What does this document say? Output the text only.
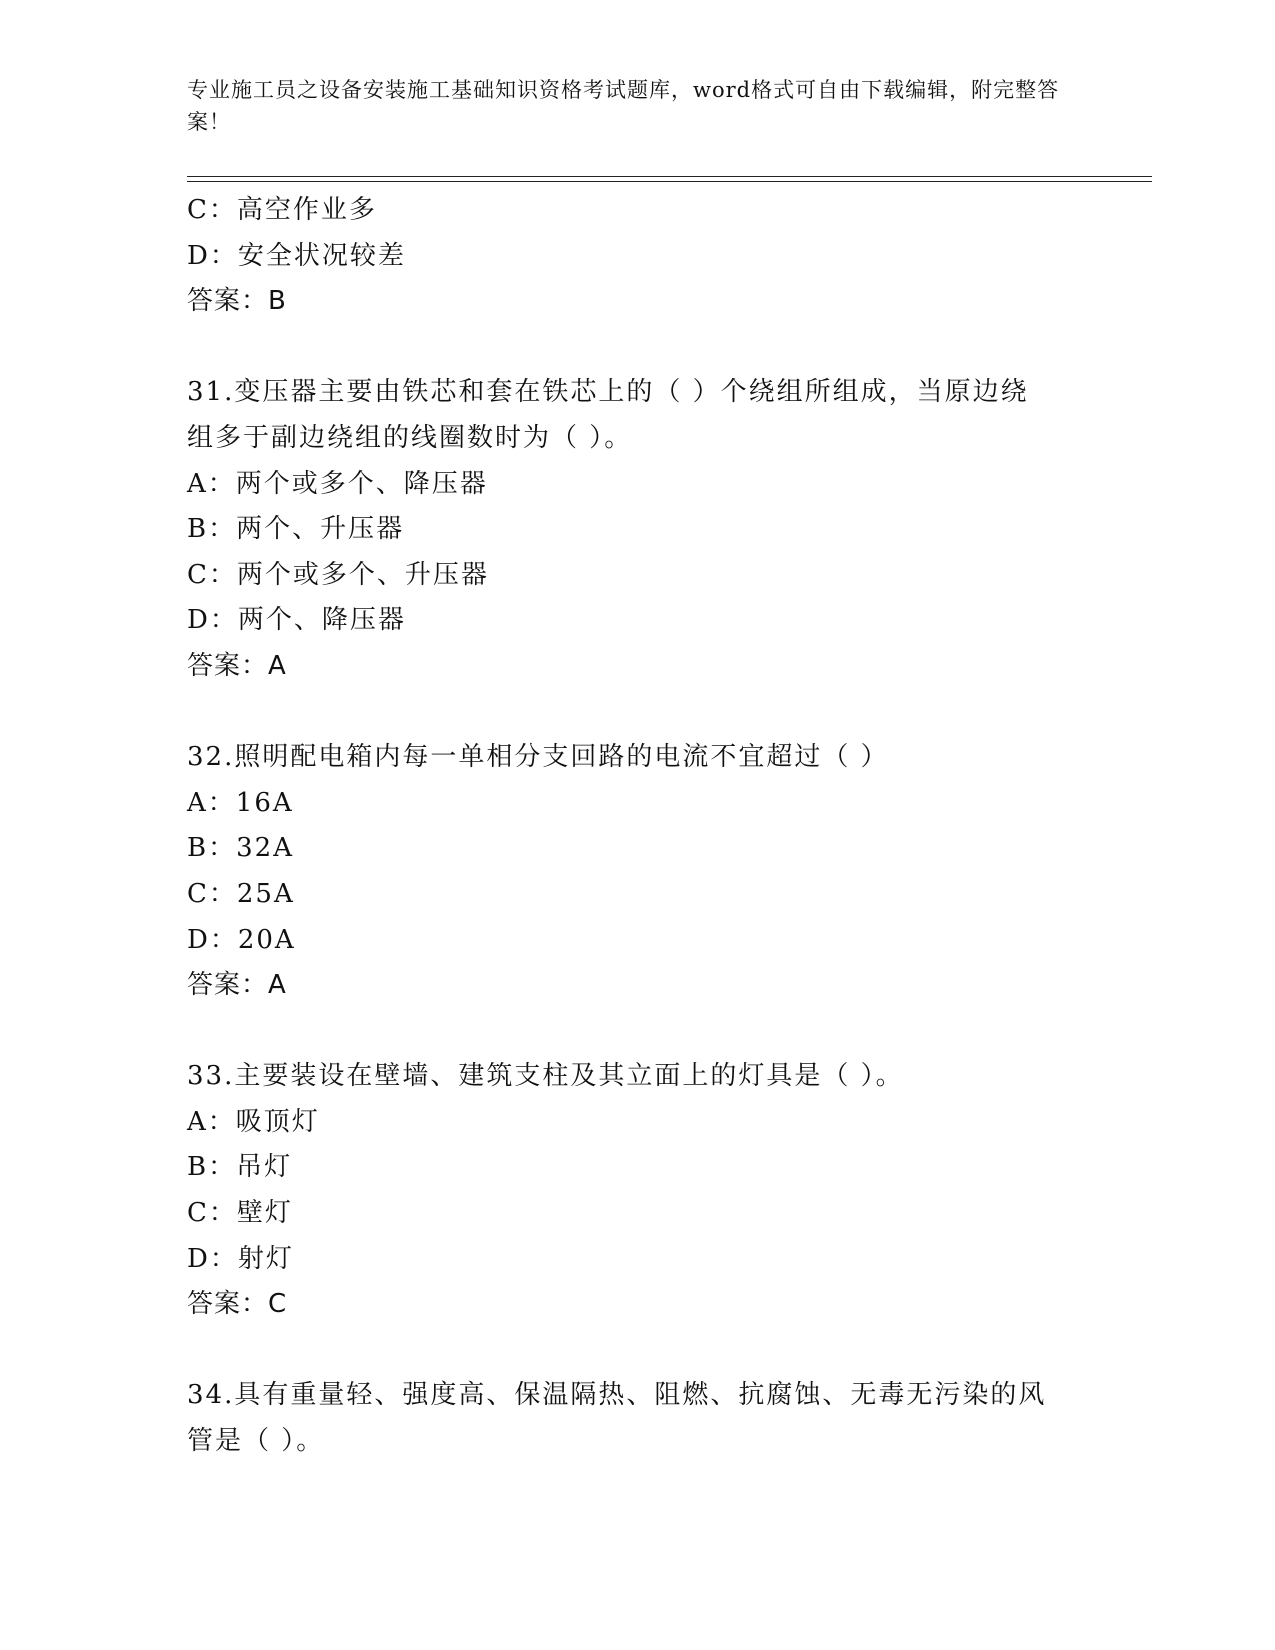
专业施工员之设备安装施工基础知识资格考试题库，word格式可自由下载编辑，附完整答案！
C：高空作业多
D：安全状况较差
答案：B
31.变压器主要由铁芯和套在铁芯上的（ ）个绕组所组成，当原边绕
组多于副边绕组的线圈数时为（ ）。
A：两个或多个、降压器
B：两个、升压器
C：两个或多个、升压器
D：两个、降压器
答案：A
32.照明配电箱内每一单相分支回路的电流不宜超过（ ）
A：16A
B：32A
C：25A
D：20A
答案：A
33.主要装设在壁墙、建筑支柱及其立面上的灯具是（ ）。
A：吸顶灯
B：吊灯
C：壁灯
D：射灯
答案：C
34.具有重量轻、强度高、保温隔热、阻燃、抗腐蚀、无毒无污染的风
管是（ ）。
